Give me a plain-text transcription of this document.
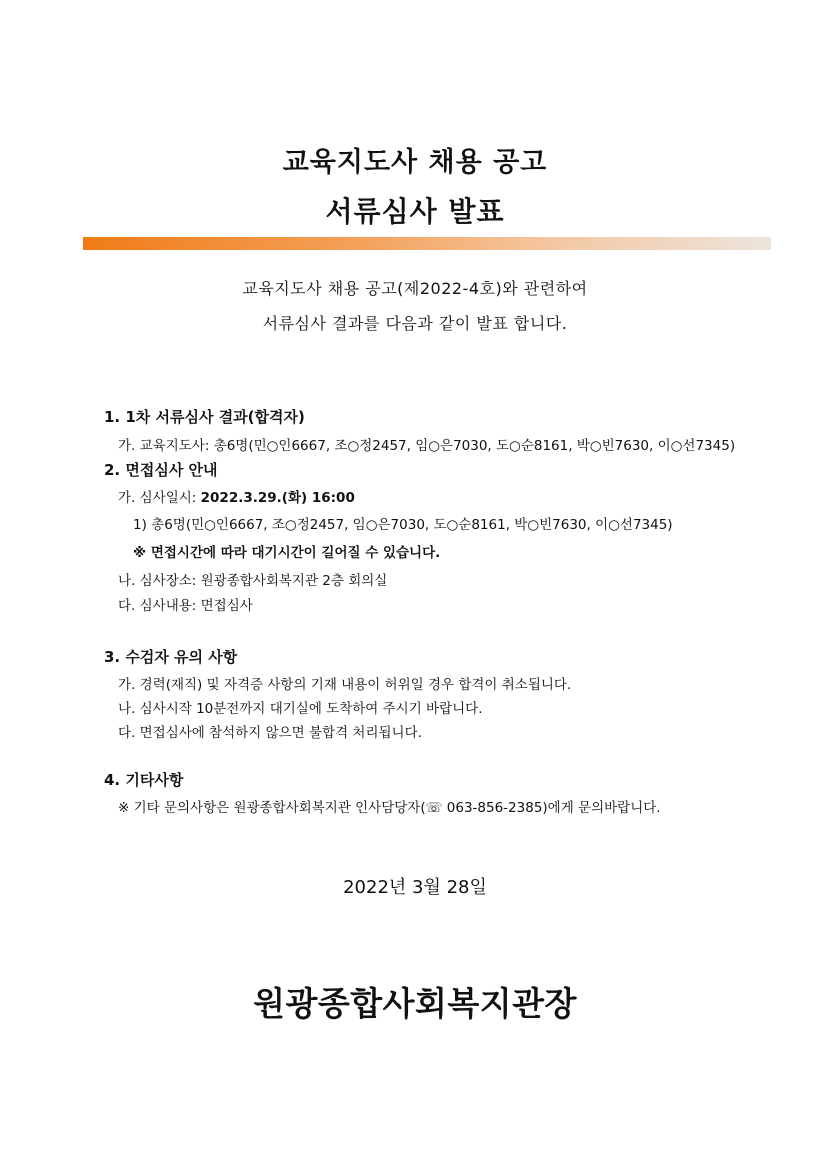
교육지도사 채용 공고
서류심사 발표
교육지도사 채용 공고(제2022-4호)와 관련하여
서류심사 결과를 다음과 같이 발표 합니다.
1. 1차 서류심사 결과(합격자)
가. 교육지도사: 총6명(민○인6667, 조○정2457, 임○은7030, 도○순8161, 박○빈7630, 이○선7345)
2. 면접심사 안내
가. 심사일시: 2022.3.29.(화) 16:00
1) 총6명(민○인6667, 조○정2457, 임○은7030, 도○순8161, 박○빈7630, 이○선7345)
※ 면접시간에 따라 대기시간이 길어질 수 있습니다.
나. 심사장소: 원광종합사회복지관 2층 회의실
다. 심사내용: 면접심사
3. 수검자 유의 사항
가. 경력(재직) 및 자격증 사항의 기재 내용이 허위일 경우 합격이 취소됩니다.
나. 심사시작 10분전까지 대기실에 도착하여 주시기 바랍니다.
다. 면접심사에 참석하지 않으면 불합격 처리됩니다.
4. 기타사항
※ 기타 문의사항은 원광종합사회복지관 인사담당자(☏ 063-856-2385)에게 문의바랍니다.
2022년 3월 28일
원광종합사회복지관장
